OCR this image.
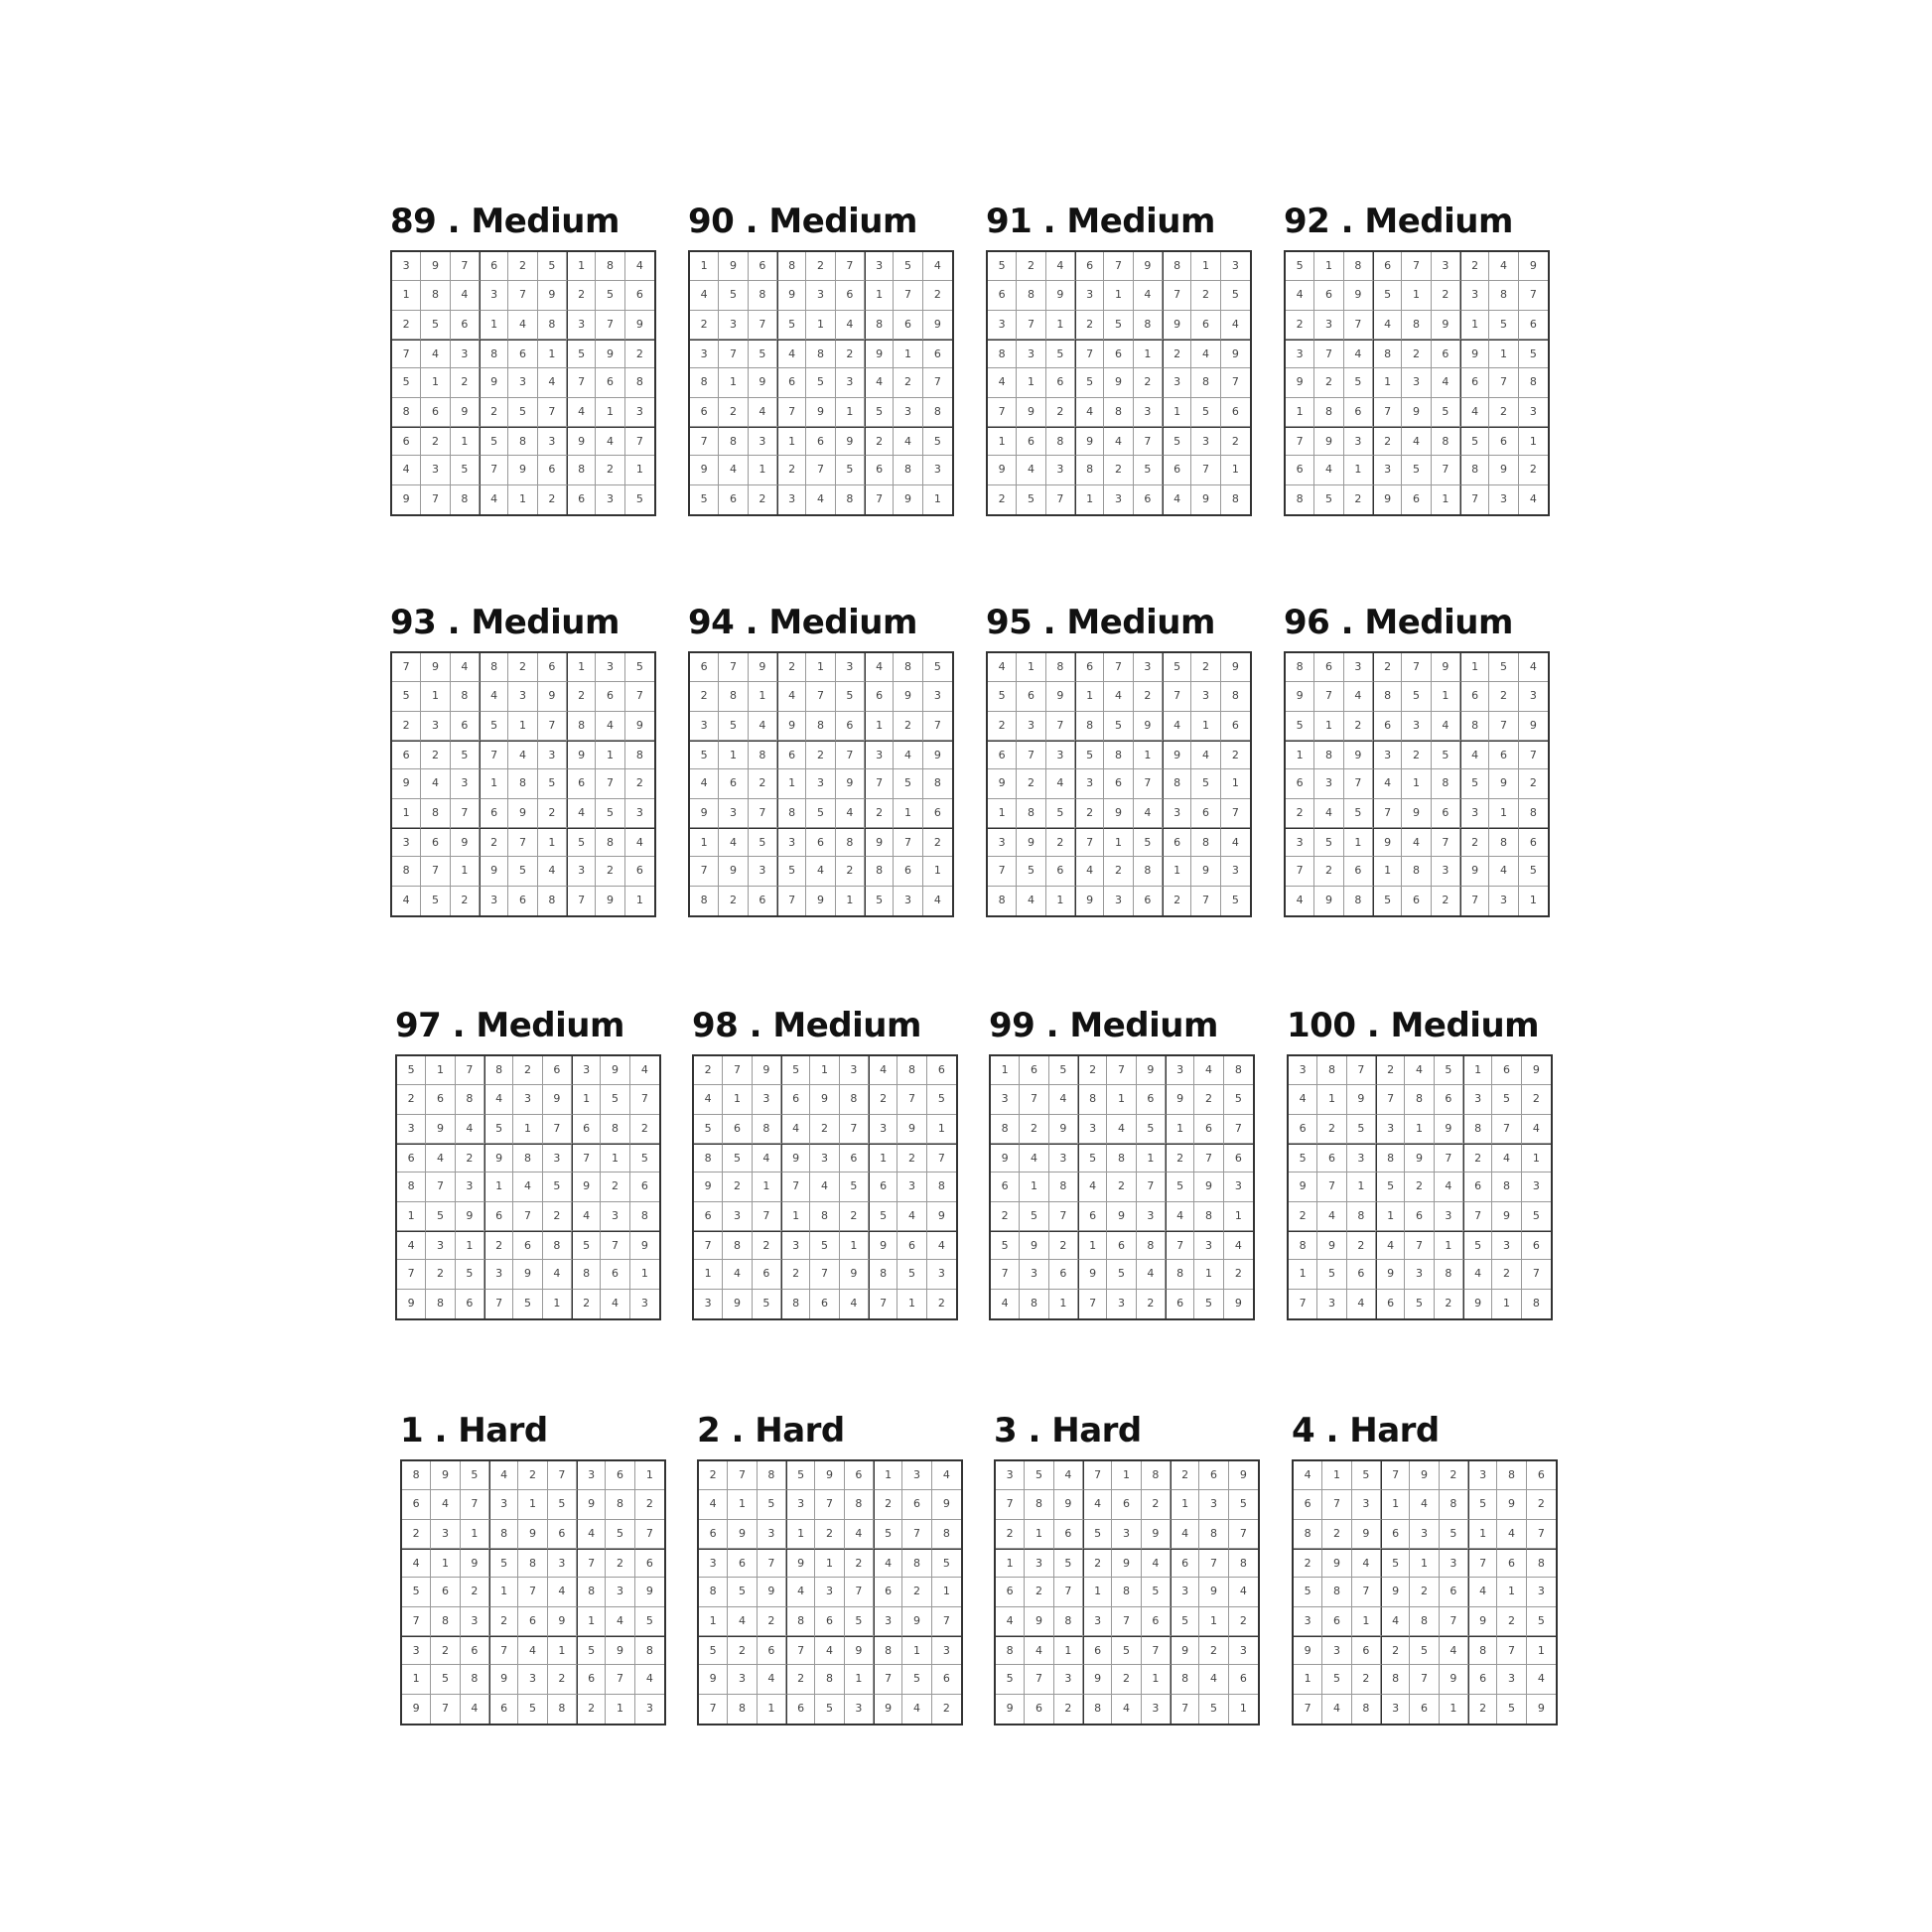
89 . Medium
3	9	7	6	2	5	1	8	4
1	8	4	3	7	9	2	5	6
2	5	6	1	4	8	3	7	9
7	4	3	8	6	1	5	9	2
5	1	2	9	3	4	7	6	8
8	6	9	2	5	7	4	1	3
6	2	1	5	8	3	9	4	7
4	3	5	7	9	6	8	2	1
9	7	8	4	1	2	6	3	5
90 . Medium
1	9	6	8	2	7	3	5	4
4	5	8	9	3	6	1	7	2
2	3	7	5	1	4	8	6	9
3	7	5	4	8	2	9	1	6
8	1	9	6	5	3	4	2	7
6	2	4	7	9	1	5	3	8
7	8	3	1	6	9	2	4	5
9	4	1	2	7	5	6	8	3
5	6	2	3	4	8	7	9	1
91 . Medium
5	2	4	6	7	9	8	1	3
6	8	9	3	1	4	7	2	5
3	7	1	2	5	8	9	6	4
8	3	5	7	6	1	2	4	9
4	1	6	5	9	2	3	8	7
7	9	2	4	8	3	1	5	6
1	6	8	9	4	7	5	3	2
9	4	3	8	2	5	6	7	1
2	5	7	1	3	6	4	9	8
92 . Medium
5	1	8	6	7	3	2	4	9
4	6	9	5	1	2	3	8	7
2	3	7	4	8	9	1	5	6
3	7	4	8	2	6	9	1	5
9	2	5	1	3	4	6	7	8
1	8	6	7	9	5	4	2	3
7	9	3	2	4	8	5	6	1
6	4	1	3	5	7	8	9	2
8	5	2	9	6	1	7	3	4
93 . Medium
7	9	4	8	2	6	1	3	5
5	1	8	4	3	9	2	6	7
2	3	6	5	1	7	8	4	9
6	2	5	7	4	3	9	1	8
9	4	3	1	8	5	6	7	2
1	8	7	6	9	2	4	5	3
3	6	9	2	7	1	5	8	4
8	7	1	9	5	4	3	2	6
4	5	2	3	6	8	7	9	1
94 . Medium
6	7	9	2	1	3	4	8	5
2	8	1	4	7	5	6	9	3
3	5	4	9	8	6	1	2	7
5	1	8	6	2	7	3	4	9
4	6	2	1	3	9	7	5	8
9	3	7	8	5	4	2	1	6
1	4	5	3	6	8	9	7	2
7	9	3	5	4	2	8	6	1
8	2	6	7	9	1	5	3	4
95 . Medium
4	1	8	6	7	3	5	2	9
5	6	9	1	4	2	7	3	8
2	3	7	8	5	9	4	1	6
6	7	3	5	8	1	9	4	2
9	2	4	3	6	7	8	5	1
1	8	5	2	9	4	3	6	7
3	9	2	7	1	5	6	8	4
7	5	6	4	2	8	1	9	3
8	4	1	9	3	6	2	7	5
96 . Medium
8	6	3	2	7	9	1	5	4
9	7	4	8	5	1	6	2	3
5	1	2	6	3	4	8	7	9
1	8	9	3	2	5	4	6	7
6	3	7	4	1	8	5	9	2
2	4	5	7	9	6	3	1	8
3	5	1	9	4	7	2	8	6
7	2	6	1	8	3	9	4	5
4	9	8	5	6	2	7	3	1
97 . Medium
5	1	7	8	2	6	3	9	4
2	6	8	4	3	9	1	5	7
3	9	4	5	1	7	6	8	2
6	4	2	9	8	3	7	1	5
8	7	3	1	4	5	9	2	6
1	5	9	6	7	2	4	3	8
4	3	1	2	6	8	5	7	9
7	2	5	3	9	4	8	6	1
9	8	6	7	5	1	2	4	3
98 . Medium
2	7	9	5	1	3	4	8	6
4	1	3	6	9	8	2	7	5
5	6	8	4	2	7	3	9	1
8	5	4	9	3	6	1	2	7
9	2	1	7	4	5	6	3	8
6	3	7	1	8	2	5	4	9
7	8	2	3	5	1	9	6	4
1	4	6	2	7	9	8	5	3
3	9	5	8	6	4	7	1	2
99 . Medium
1	6	5	2	7	9	3	4	8
3	7	4	8	1	6	9	2	5
8	2	9	3	4	5	1	6	7
9	4	3	5	8	1	2	7	6
6	1	8	4	2	7	5	9	3
2	5	7	6	9	3	4	8	1
5	9	2	1	6	8	7	3	4
7	3	6	9	5	4	8	1	2
4	8	1	7	3	2	6	5	9
100 . Medium
3	8	7	2	4	5	1	6	9
4	1	9	7	8	6	3	5	2
6	2	5	3	1	9	8	7	4
5	6	3	8	9	7	2	4	1
9	7	1	5	2	4	6	8	3
2	4	8	1	6	3	7	9	5
8	9	2	4	7	1	5	3	6
1	5	6	9	3	8	4	2	7
7	3	4	6	5	2	9	1	8
1 . Hard
8	9	5	4	2	7	3	6	1
6	4	7	3	1	5	9	8	2
2	3	1	8	9	6	4	5	7
4	1	9	5	8	3	7	2	6
5	6	2	1	7	4	8	3	9
7	8	3	2	6	9	1	4	5
3	2	6	7	4	1	5	9	8
1	5	8	9	3	2	6	7	4
9	7	4	6	5	8	2	1	3
2 . Hard
2	7	8	5	9	6	1	3	4
4	1	5	3	7	8	2	6	9
6	9	3	1	2	4	5	7	8
3	6	7	9	1	2	4	8	5
8	5	9	4	3	7	6	2	1
1	4	2	8	6	5	3	9	7
5	2	6	7	4	9	8	1	3
9	3	4	2	8	1	7	5	6
7	8	1	6	5	3	9	4	2
3 . Hard
3	5	4	7	1	8	2	6	9
7	8	9	4	6	2	1	3	5
2	1	6	5	3	9	4	8	7
1	3	5	2	9	4	6	7	8
6	2	7	1	8	5	3	9	4
4	9	8	3	7	6	5	1	2
8	4	1	6	5	7	9	2	3
5	7	3	9	2	1	8	4	6
9	6	2	8	4	3	7	5	1
4 . Hard
4	1	5	7	9	2	3	8	6
6	7	3	1	4	8	5	9	2
8	2	9	6	3	5	1	4	7
2	9	4	5	1	3	7	6	8
5	8	7	9	2	6	4	1	3
3	6	1	4	8	7	9	2	5
9	3	6	2	5	4	8	7	1
1	5	2	8	7	9	6	3	4
7	4	8	3	6	1	2	5	9
